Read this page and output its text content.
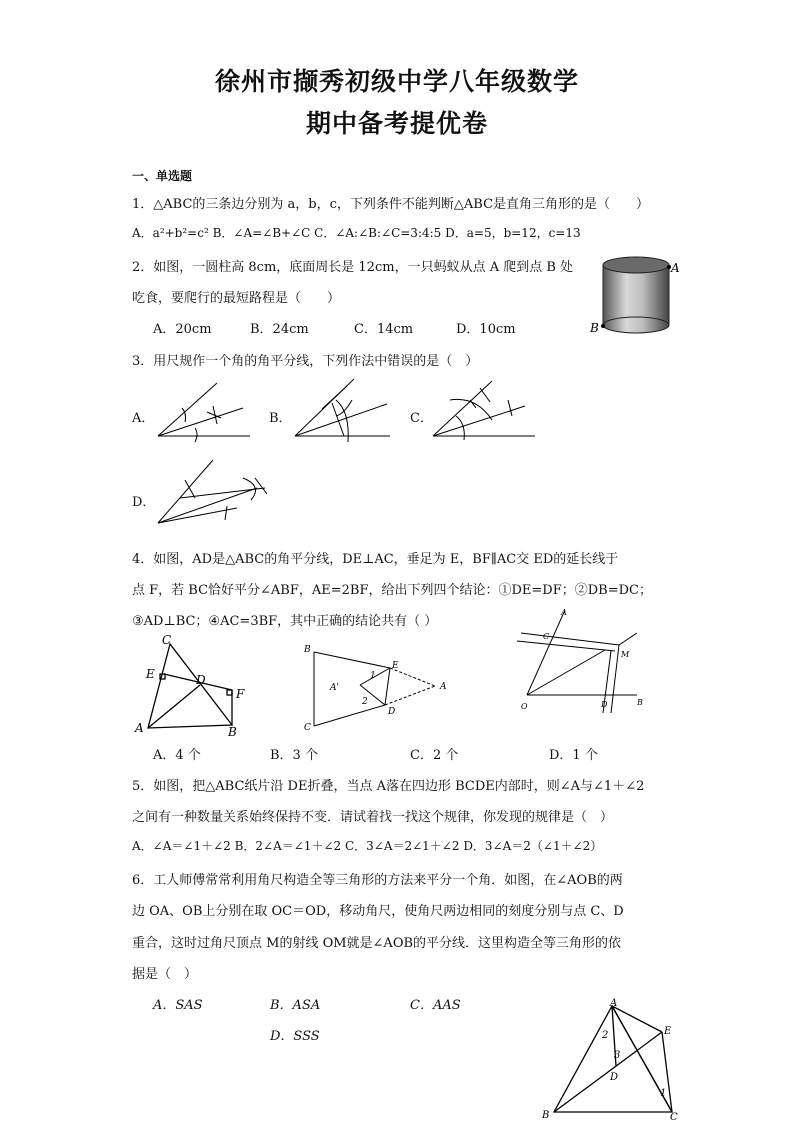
徐州市撷秀初级中学八年级数学
期中备考提优卷
一、单选题
1．△ABC的三条边分别为 a，b，c，下列条件不能判断△ABC是直角三角形的是（　　）
A．a²+b²=c² B．∠A=∠B+∠C C．∠A:∠B:∠C=3:4:5 D．a=5，b=12，c=13
2．如图，一圆柱高 8cm，底面周长是 12cm，一只蚂蚁从点 A 爬到点 B 处
吃食，要爬行的最短路程是（　　）
A．20cm	B．24cm	C．14cm	D．10cm
A
B
3．用尺规作一个角的角平分线，下列作法中错误的是（　）
A．	B．	C．
D．
4．如图，AD是△ABC的角平分线，DE⊥AC，垂足为 E，BF∥AC交 ED的延长线于
点 F，若 BC恰好平分∠ABF，AE=2BF，给出下列四个结论：①DE=DF；②DB=DC；
③AD⊥BC；④AC=3BF，其中正确的结论共有（ ）
C
E	D
F
A	B
B
E
1
A'	A
2
D
C
A
C
M
O	D	B
A．4 个	B．3 个	C．2 个	D．1 个
5．如图，把△ABC纸片沿 DE折叠，当点 A落在四边形 BCDE内部时，则∠A与∠1＋∠2
之间有一种数量关系始终保持不变．请试着找一找这个规律，你发现的规律是（　）
A．∠A＝∠1＋∠2 B．2∠A＝∠1＋∠2 C．3∠A＝2∠1＋∠2 D．3∠A＝2（∠1＋∠2）
6．工人师傅常常利用角尺构造全等三角形的方法来平分一个角．如图，在∠AOB的两
边 OA、OB上分别在取 OC＝OD，移动角尺，使角尺两边相同的刻度分别与点 C、D
重合，这时过角尺顶点 M的射线 OM就是∠AOB的平分线．这里构造全等三角形的依
据是（　）
A．SAS	B．ASA	C．AAS
D．SSS
A
E
2
3
D
1
B	C
